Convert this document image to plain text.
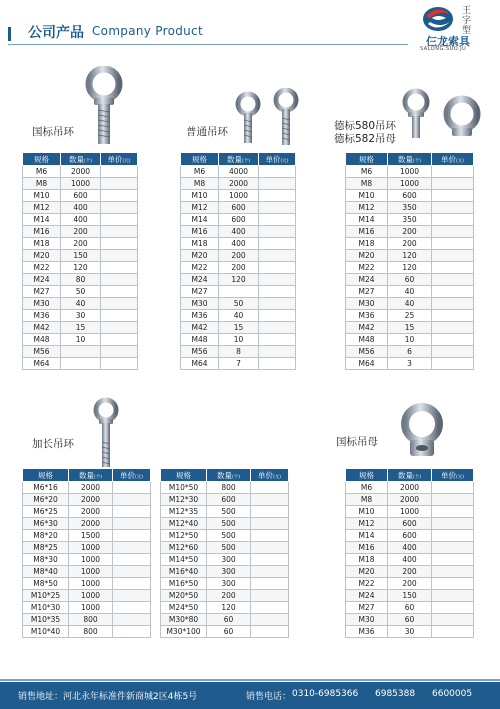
公司产品 Company Product
仨龙索具
SALONG.SUO.JU
王字型
国标吊环
规格	数量(个)	单价(元)
M6	2000	
M8	1000	
M10	600	
M12	400	
M14	400	
M16	200	
M18	200	
M20	150	
M22	120	
M24	80	
M27	50	
M30	40	
M36	30	
M42	15	
M48	10	
M56		
M64		
普通吊环
规格	数量(个)	单价(元)
M6	4000	
M8	2000	
M10	1000	
M12	600	
M14	600	
M16	400	
M18	400	
M20	200	
M22	200	
M24	120	
M27		
M30	50	
M36	40	
M42	15	
M48	10	
M56	8	
M64	7	
德标580吊环
德标582吊母
规格	数量(个)	单价(元)
M6	1000	
M8	1000	
M10	600	
M12	350	
M14	350	
M16	200	
M18	200	
M20	120	
M22	120	
M24	60	
M27	40	
M30	40	
M36	25	
M42	15	
M48	10	
M56	6	
M64	3	
加长吊环
规格	数量(个)	单价(元)
M6*16	2000	
M6*20	2000	
M6*25	2000	
M6*30	2000	
M8*20	1500	
M8*25	1000	
M8*30	1000	
M8*40	1000	
M8*50	1000	
M10*25	1000	
M10*30	1000	
M10*35	800	
M10*40	800	
规格	数量(个)	单价(元)
M10*50	800	
M12*30	600	
M12*35	500	
M12*40	500	
M12*50	500	
M12*60	500	
M14*50	300	
M16*40	300	
M16*50	300	
M20*50	200	
M24*50	120	
M30*80	60	
M30*100	60	
国标吊母
规格	数量(个)	单价(元)
M6	2000	
M8	2000	
M10	1000	
M12	600	
M14	600	
M16	400	
M18	400	
M20	200	
M22	200	
M24	150	
M27	60	
M30	60	
M36	30	
销售地址：河北永年标准件新商城2区4栋5号	销售电话： 0310-6985366 6985388 6600005
